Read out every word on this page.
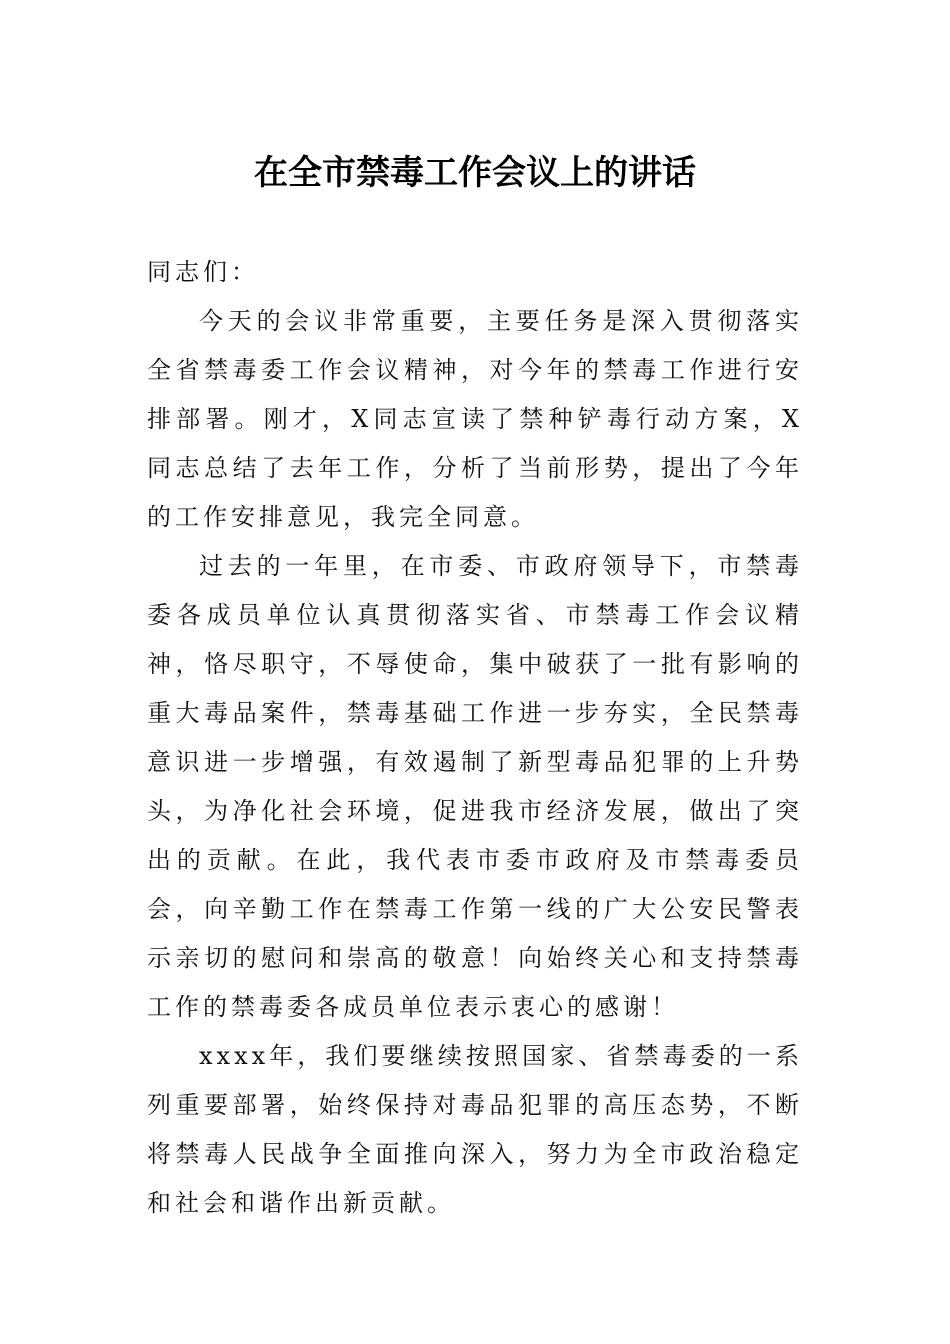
在全市禁毒工作会议上的讲话

同志们：

今天的会议非常重要，主要任务是深入贯彻落实全省禁毒委工作会议精神，对今年的禁毒工作进行安排部署。刚才，X同志宣读了禁种铲毒行动方案，X同志总结了去年工作，分析了当前形势，提出了今年的工作安排意见，我完全同意。

过去的一年里，在市委、市政府领导下，市禁毒委各成员单位认真贯彻落实省、市禁毒工作会议精神，恪尽职守，不辱使命，集中破获了一批有影响的重大毒品案件，禁毒基础工作进一步夯实，全民禁毒意识进一步增强，有效遏制了新型毒品犯罪的上升势头，为净化社会环境，促进我市经济发展，做出了突出的贡献。在此，我代表市委市政府及市禁毒委员会，向辛勤工作在禁毒工作第一线的广大公安民警表示亲切的慰问和崇高的敬意！向始终关心和支持禁毒工作的禁毒委各成员单位表示衷心的感谢！

xxxx年，我们要继续按照国家、省禁毒委的一系列重要部署，始终保持对毒品犯罪的高压态势，不断将禁毒人民战争全面推向深入，努力为全市政治稳定和社会和谐作出新贡献。
